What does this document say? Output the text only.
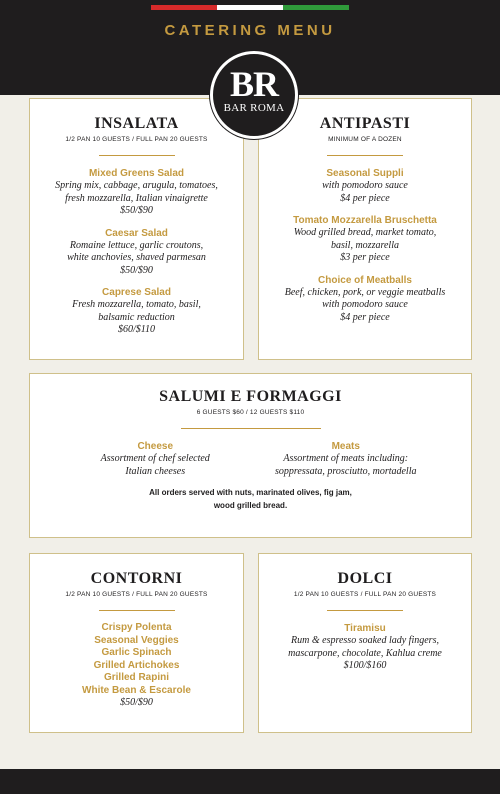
CATERING MENU
BR
BAR ROMA
INSALATA
1/2 PAN 10 GUESTS / FULL PAN 20 GUESTS
Mixed Greens Salad
Spring mix, cabbage, arugula, tomatoes,
fresh mozzarella, Italian vinaigrette
$50/$90
Caesar Salad
Romaine lettuce, garlic croutons,
white anchovies, shaved parmesan
$50/$90
Caprese Salad
Fresh mozzarella, tomato, basil,
balsamic reduction
$60/$110
ANTIPASTI
MINIMUM OF A DOZEN
Seasonal Suppli
with pomodoro sauce
$4 per piece
Tomato Mozzarella Bruschetta
Wood grilled bread, market tomato,
basil, mozzarella
$3 per piece
Choice of Meatballs
Beef, chicken, pork, or veggie meatballs
with pomodoro sauce
$4 per piece
SALUMI E FORMAGGI
6 GUESTS $60 / 12 GUESTS $110
Cheese
Assortment of chef selected
Italian cheeses
Meats
Assortment of meats including:
soppressata, prosciutto, mortadella
All orders served with nuts, marinated olives, fig jam,
wood grilled bread.
CONTORNI
1/2 PAN 10 GUESTS / FULL PAN 20 GUESTS
Crispy Polenta
Seasonal Veggies
Garlic Spinach
Grilled Artichokes
Grilled Rapini
White Bean & Escarole
$50/$90
DOLCI
1/2 PAN 10 GUESTS / FULL PAN 20 GUESTS
Tiramisu
Rum & espresso soaked lady fingers,
mascarpone, chocolate, Kahlua creme
$100/$160
